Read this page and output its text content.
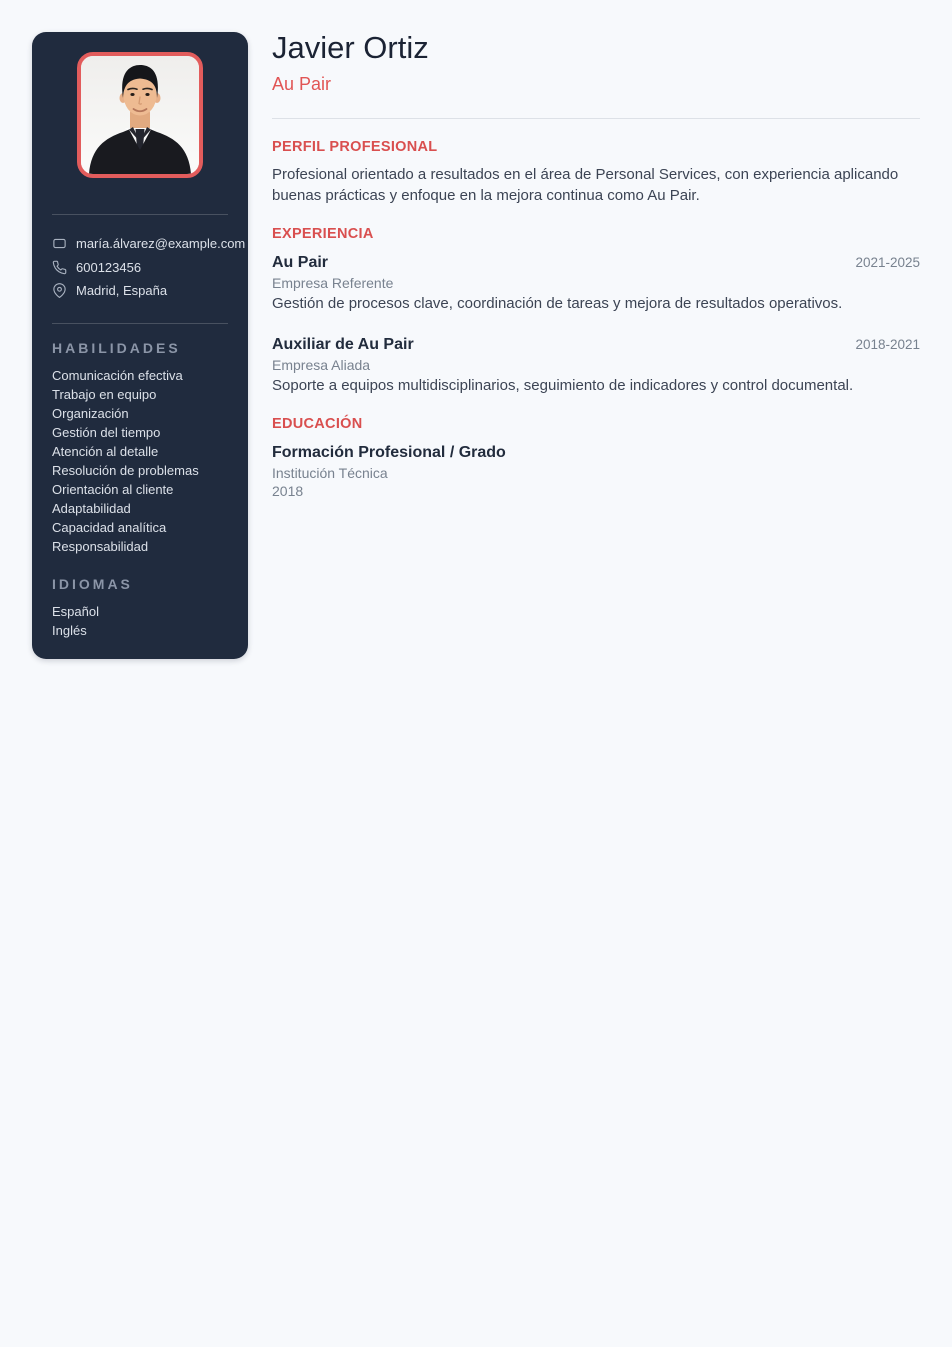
maría.álvarez@example.com
600123456
Madrid, España
HABILIDADES
Comunicación efectiva
Trabajo en equipo
Organización
Gestión del tiempo
Atención al detalle
Resolución de problemas
Orientación al cliente
Adaptabilidad
Capacidad analítica
Responsabilidad
IDIOMAS
Español
Inglés
Javier Ortiz
Au Pair
PERFIL PROFESIONAL

Profesional orientado a resultados en el área de Personal Services, con experiencia aplicando buenas prácticas y enfoque en la mejora continua como Au Pair.

EXPERIENCIA
Au Pair	2021-2025
Empresa Referente

Gestión de procesos clave, coordinación de tareas y mejora de resultados operativos.

Auxiliar de Au Pair	2018-2021
Empresa Aliada

Soporte a equipos multidisciplinarios, seguimiento de indicadores y control documental.

EDUCACIÓN
Formación Profesional / Grado
Institución Técnica
2018
